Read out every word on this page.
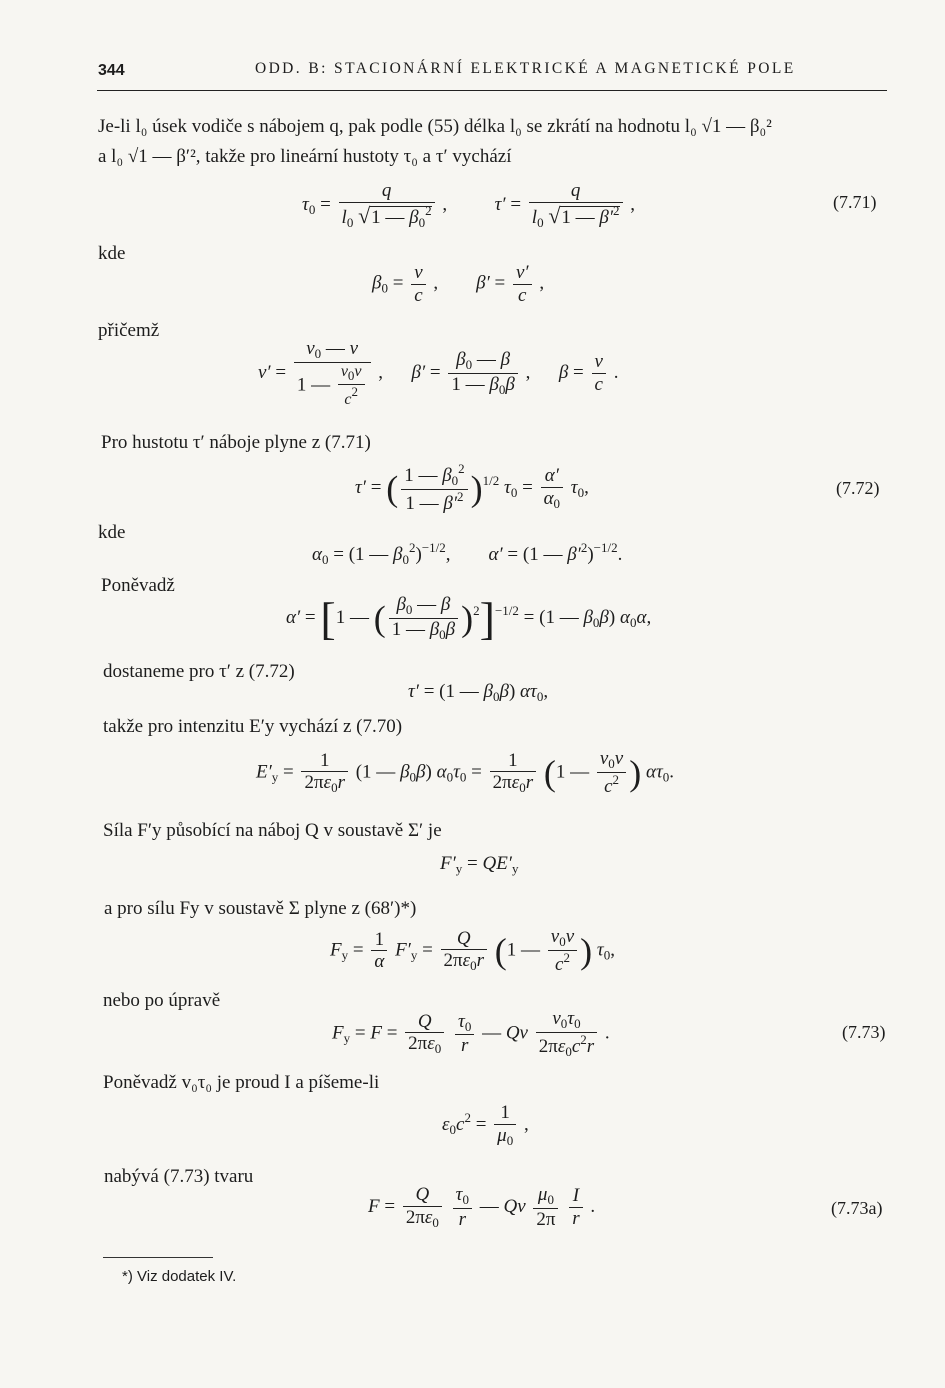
344	ODD. B: STACIONÁRNÍ ELEKTRICKÉ A MAGNETICKÉ POLE
Je-li l₀ úsek vodiče s nábojem q, pak podle (55) délka l₀ se zkrátí na hodnotu l₀ √1 — β₀²
a l₀ √1 — β′², takže pro lineární hustoty τ₀ a τ′ vychází
$\tau_0 = \frac{q}{l_0 √1 — \beta_0^2}$ ,          $\tau' = \frac{q}{l_0 √1 — \beta'^2}$ ,	(7.71)
kde
$\beta_0 = \frac{v}{c}$ ,        $\beta' = \frac{v'}{c}$ ,
přičemž
$v' = \frac{v_0 — v}{1 — \frac{v_0v}{c^2}}$ ,      $\beta' = \frac{\beta_0 — \beta}{1 — \beta_0\beta}$ ,      $\beta = \frac{v}{c}$ .
Pro hustotu τ′ náboje plyne z (7.71)
τ′ = ( $\frac{1 — \beta_0^2}{1 — \beta'^2} )^{1/2}$ $\tau_0 = \frac{\alpha'}{\alpha_0} \tau_0$,	(7.72)
kde
$\alpha_0 = (1$ — $\beta_0^2)^{-1/2}$,        α′ = (1 — $\beta'^2)^{-1/2}$.
Poněvadž
α′ = [1 — ( $\frac{\beta_0 — \beta}{1 — \beta_0\beta} )^2]^{-1/2} = (1$ — $\beta_0\beta$) $\alpha_0\alpha$,
dostaneme pro τ′ z (7.72)
τ′ = (1 — $\beta_0\beta$) $\alpha\tau_0$,
takže pro intenzitu E′y vychází z (7.70)
$E'_y = \frac{1}{2\pi\varepsilon_0r} (1$ — $\beta_0\beta$) $\alpha_0\tau_0 = \frac{1}{2\pi\varepsilon_0r} (1$ — $\frac{v_0v}{c^2}$ ) $\alpha\tau_0$.
Síla F′y působící na náboj Q v soustavě Σ′ je
$F'_y = QE'_y$
a pro sílu Fy v soustavě Σ plyne z (68′)*)
$F_y = \frac{1}{\alpha} F'_y = \frac{Q}{2\pi\varepsilon_0r} (1$ — $\frac{v_0v}{c^2}$ ) $\tau_0$,
nebo po úpravě
$F_y = F = \frac{Q}{2\pi\varepsilon_0}$
$\frac{\tau_0}{r}$ — Qv $\frac{v_0\tau_0}{2\pi\varepsilon_0c^2r}$ .	(7.73)
Poněvadž v₀τ₀ je proud I a píšeme-li
$\varepsilon_0c^2 = \frac{1}{\mu_0}$ ,
nabývá (7.73) tvaru
$F = \frac{Q}{2\pi\varepsilon_0}$
$\frac{\tau_0}{r}$ — Qv $\frac{\mu_0}{2\pi}$
$\frac{I}{r}$ .	(7.73a)
*) Viz dodatek IV.
